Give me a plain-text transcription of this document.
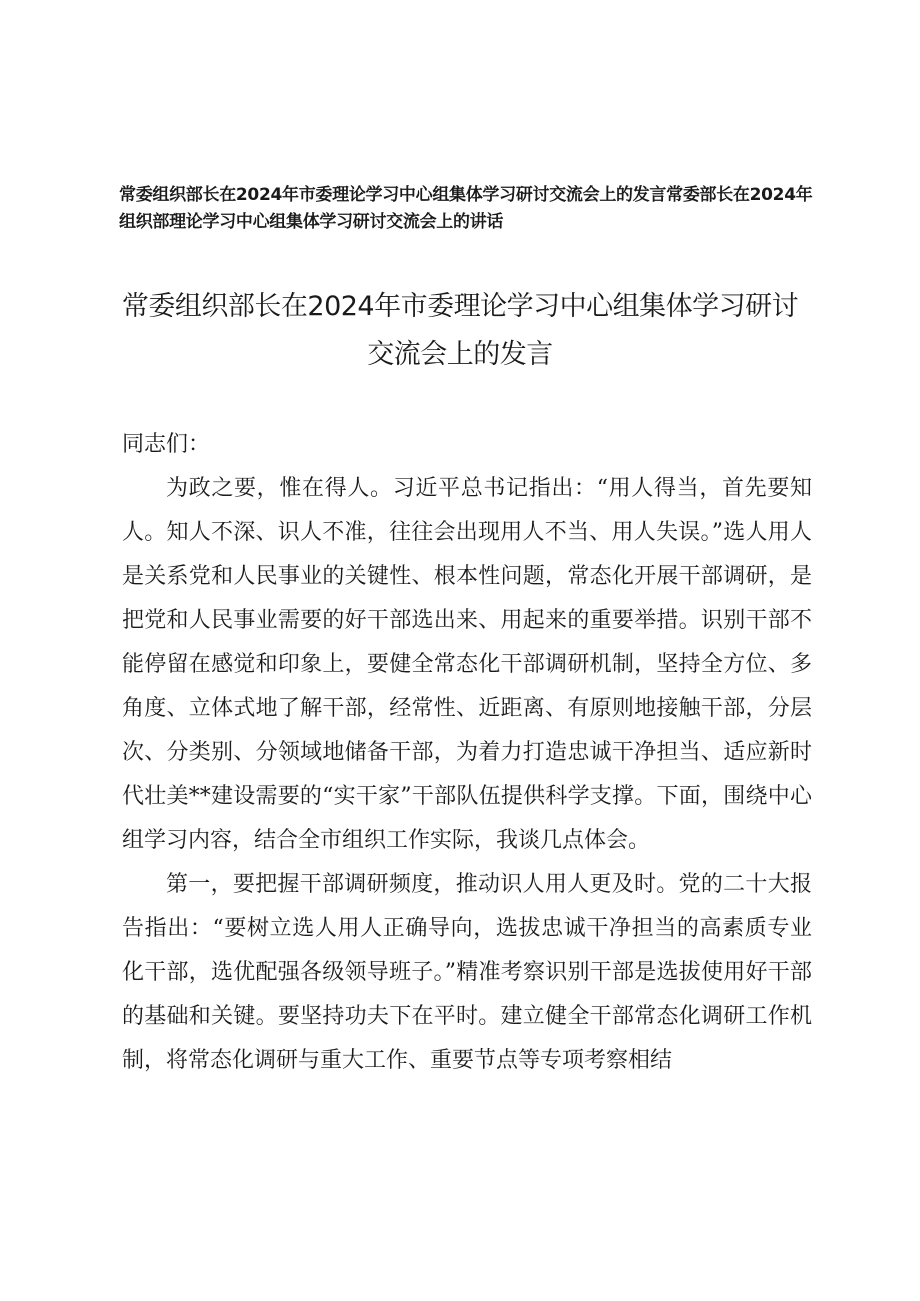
常委组织部长在2024年市委理论学习中心组集体学习研讨交流会上的发言常委部长在2024年组织部理论学习中心组集体学习研讨交流会上的讲话
常委组织部长在2024年市委理论学习中心组集体学习研讨交流会上的发言

同志们：

为政之要，惟在得人。习近平总书记指出：“用人得当，首先要知人。知人不深、识人不准，往往会出现用人不当、用人失误。”选人用人是关系党和人民事业的关键性、根本性问题，常态化开展干部调研，是把党和人民事业需要的好干部选出来、用起来的重要举措。识别干部不能停留在感觉和印象上，要健全常态化干部调研机制，坚持全方位、多角度、立体式地了解干部，经常性、近距离、有原则地接触干部，分层次、分类别、分领域地储备干部，为着力打造忠诚干净担当、适应新时代壮美**建设需要的“实干家”干部队伍提供科学支撑。下面，围绕中心组学习内容，结合全市组织工作实际，我谈几点体会。

第一，要把握干部调研频度，推动识人用人更及时。党的二十大报告指出：“要树立选人用人正确导向，选拔忠诚干净担当的高素质专业化干部，选优配强各级领导班子。”精准考察识别干部是选拔使用好干部的基础和关键。要坚持功夫下在平时。建立健全干部常态化调研工作机制，将常态化调研与重大工作、重要节点等专项考察相结
